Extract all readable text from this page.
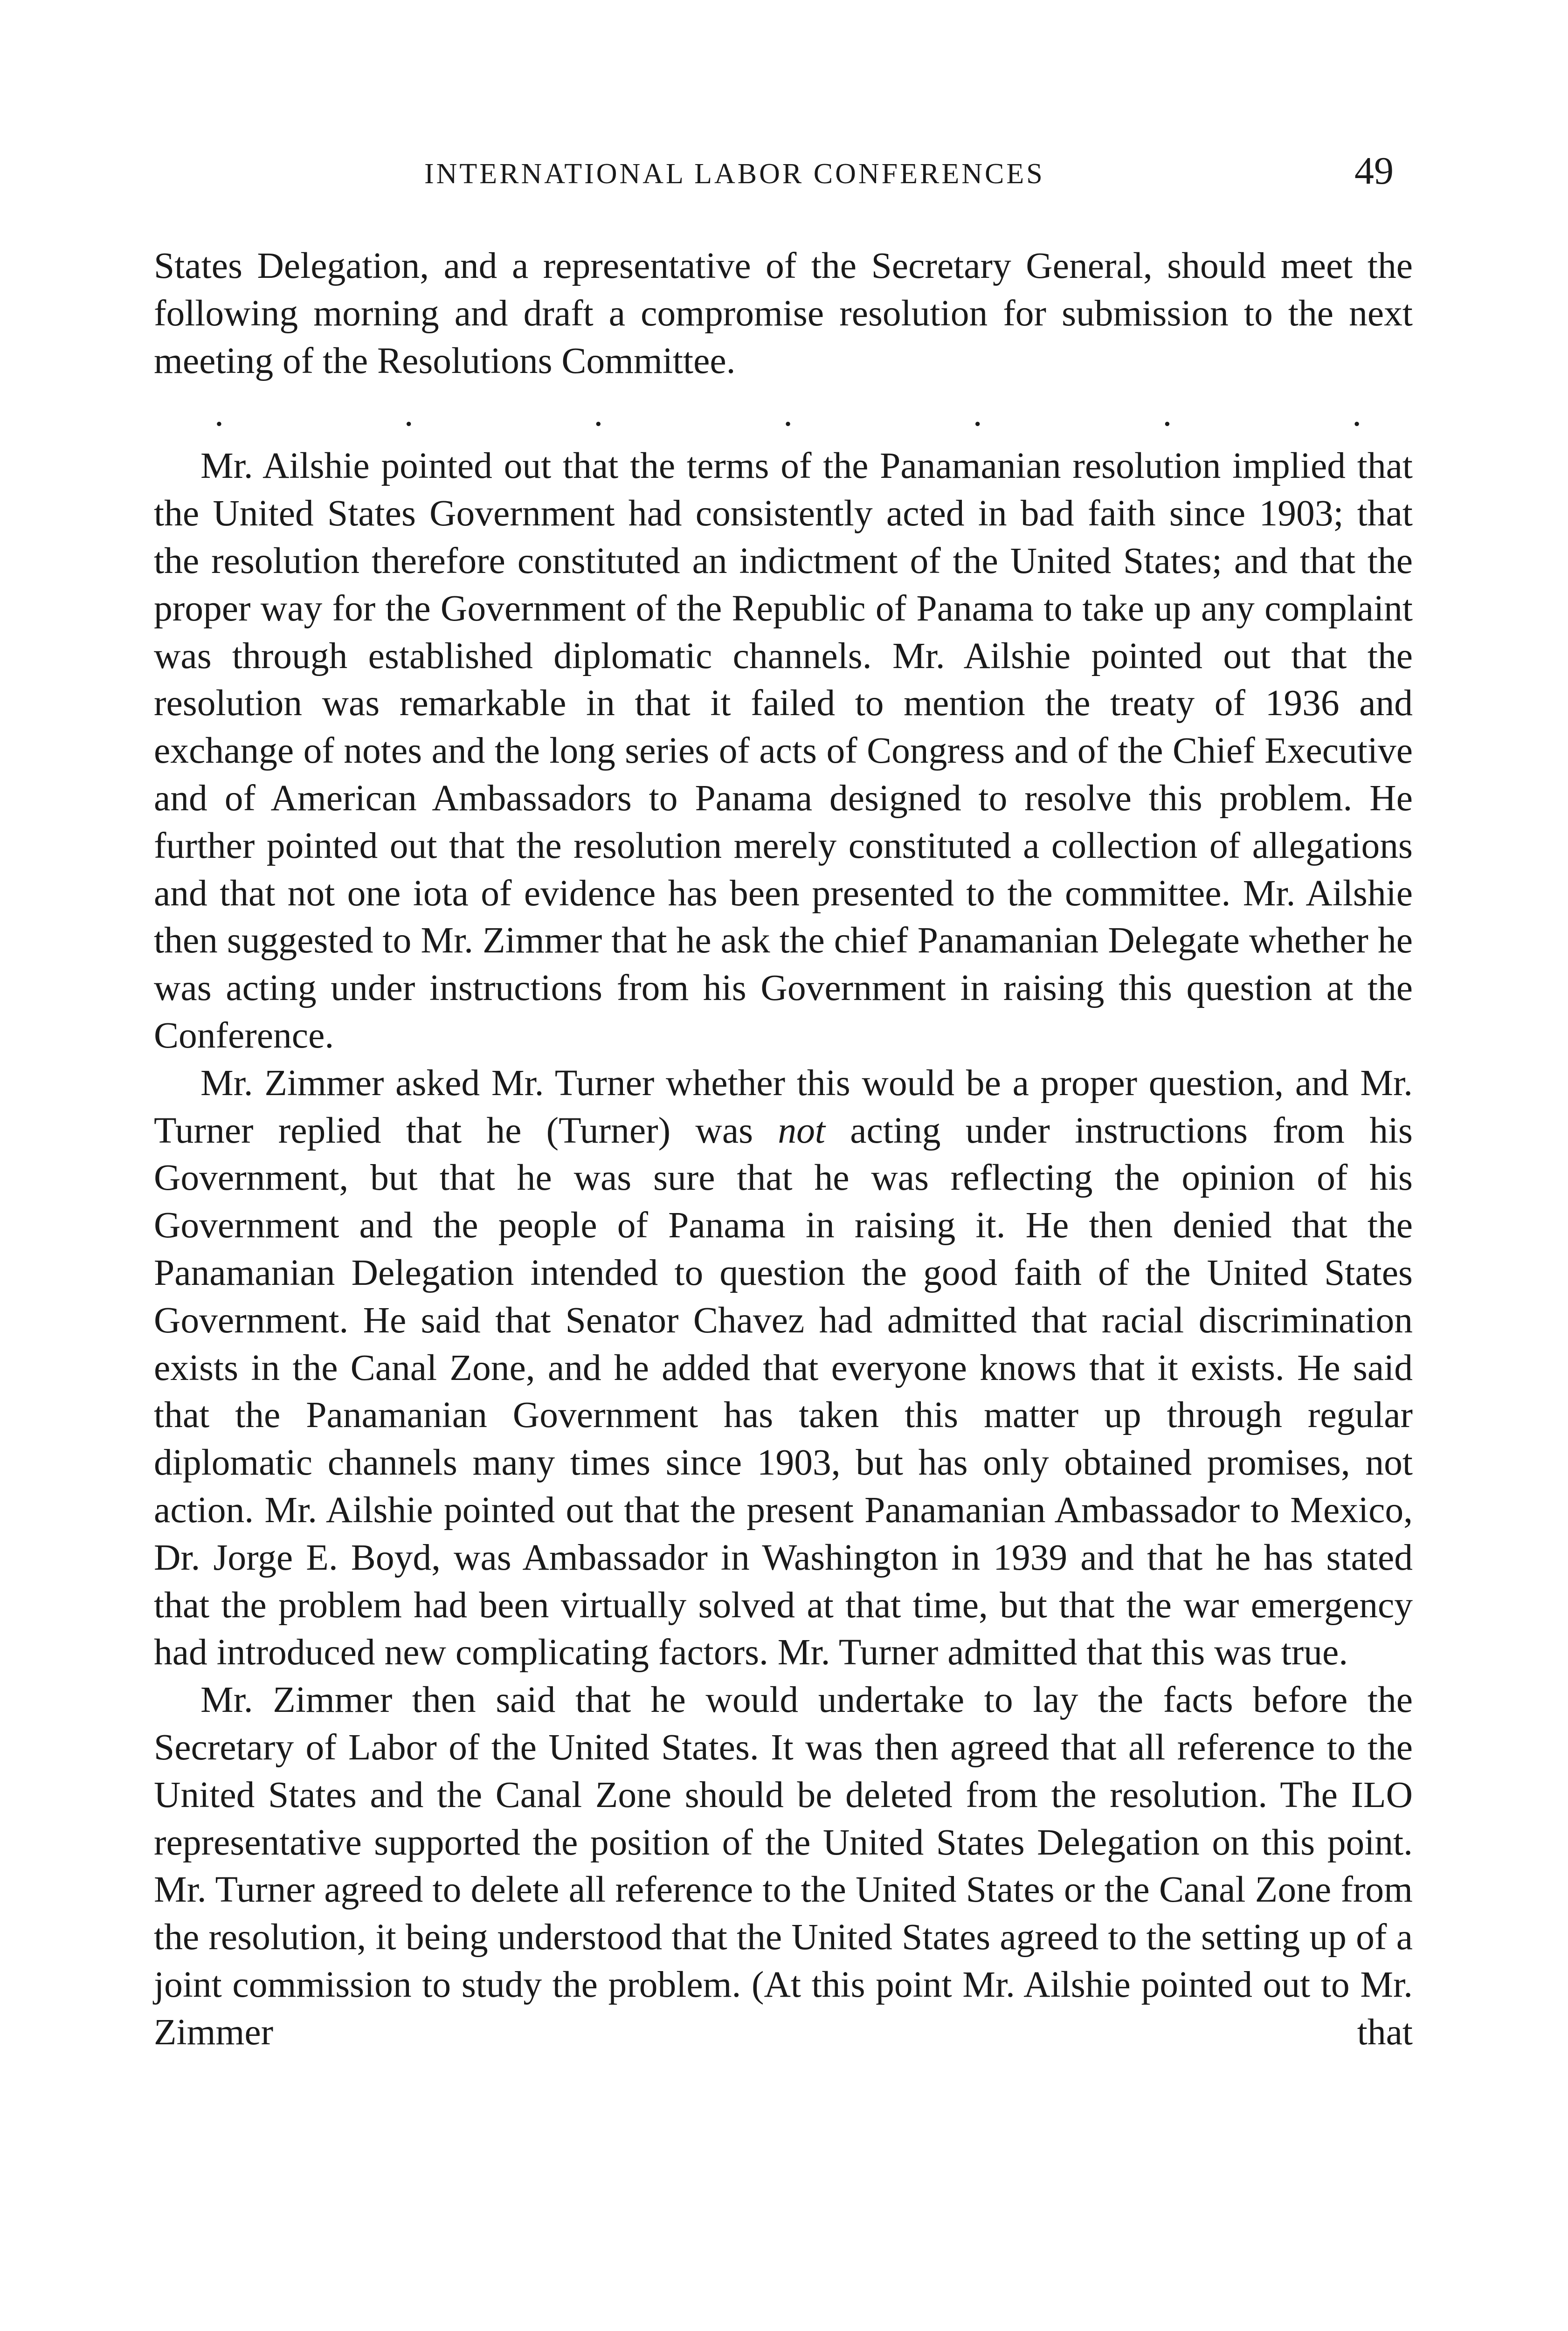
INTERNATIONAL LABOR CONFERENCES	49

States Delegation, and a representative of the Secretary General, should meet the following morning and draft a compromise resolution for submission to the next meeting of the Resolutions Committee.

.	.	.	.	.	.	.

Mr. Ailshie pointed out that the terms of the Panamanian resolution implied that the United States Government had consistently acted in bad faith since 1903; that the resolution therefore constituted an indictment of the United States; and that the proper way for the Government of the Republic of Panama to take up any complaint was through established diplomatic channels. Mr. Ailshie pointed out that the resolution was remarkable in that it failed to mention the treaty of 1936 and exchange of notes and the long series of acts of Congress and of the Chief Executive and of American Ambassadors to Panama designed to resolve this problem. He further pointed out that the resolution merely constituted a collection of allegations and that not one iota of evidence has been presented to the committee. Mr. Ailshie then suggested to Mr. Zimmer that he ask the chief Panamanian Delegate whether he was acting under instructions from his Government in raising this question at the Conference.

Mr. Zimmer asked Mr. Turner whether this would be a proper question, and Mr. Turner replied that he (Turner) was not acting under instructions from his Government, but that he was sure that he was reflecting the opinion of his Government and the people of Panama in raising it. He then denied that the Panamanian Delegation intended to question the good faith of the United States Government. He said that Senator Chavez had admitted that racial discrimination exists in the Canal Zone, and he added that everyone knows that it exists. He said that the Panamanian Government has taken this matter up through regular diplomatic channels many times since 1903, but has only obtained promises, not action. Mr. Ailshie pointed out that the present Panamanian Ambassador to Mexico, Dr. Jorge E. Boyd, was Ambassador in Washington in 1939 and that he has stated that the problem had been virtually solved at that time, but that the war emergency had introduced new complicating factors. Mr. Turner admitted that this was true.

Mr. Zimmer then said that he would undertake to lay the facts before the Secretary of Labor of the United States. It was then agreed that all reference to the United States and the Canal Zone should be deleted from the resolution. The ILO representative supported the position of the United States Delegation on this point. Mr. Turner agreed to delete all reference to the United States or the Canal Zone from the resolution, it being understood that the United States agreed to the setting up of a joint commission to study the problem. (At this point Mr. Ailshie pointed out to Mr. Zimmer that
